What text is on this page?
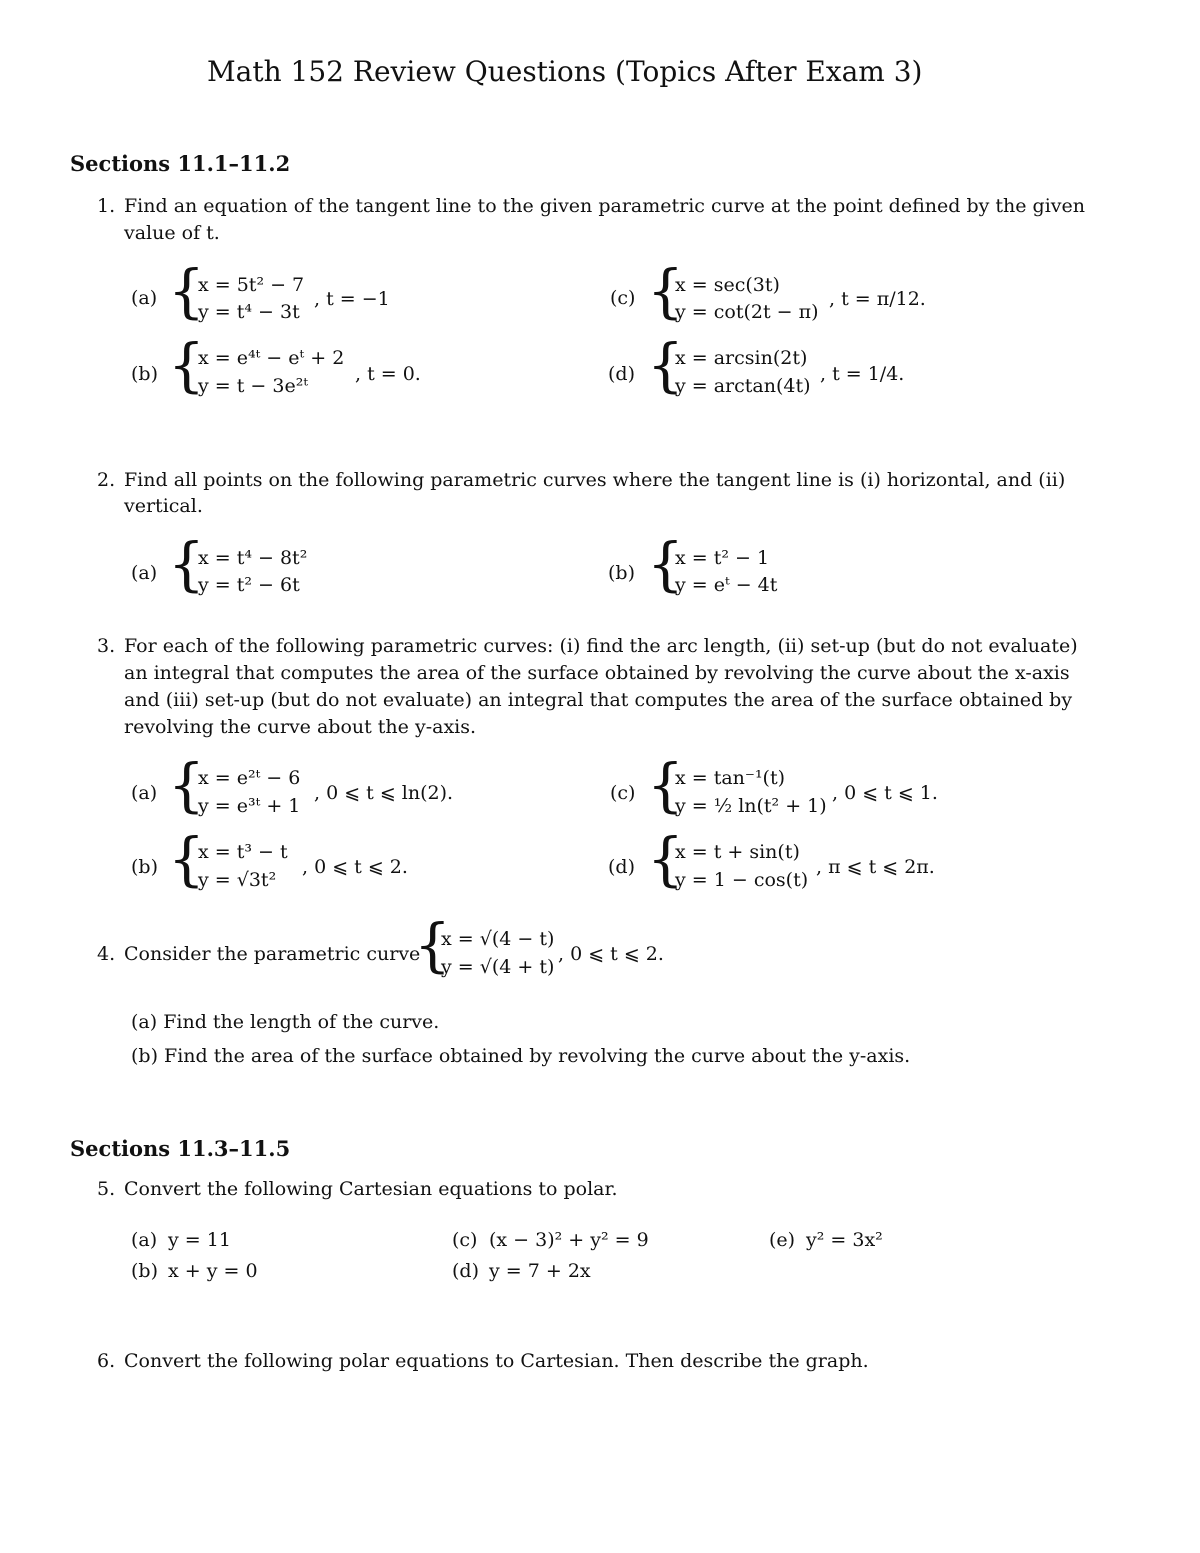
Math 152 Review Questions (Topics After Exam 3)
Sections 11.1–11.2
1. Find an equation of the tangent line to the given parametric curve at the point defined by the given
value of t.
(a) {
x = 5t² − 7
y = t⁴ − 3t
, t = −1
(b) {
x = e⁴ᵗ − eᵗ + 2
y = t − 3e²ᵗ
, t = 0.
(c) {
x = sec(3t)
y = cot(2t − π)
, t = π/12.
(d) {
x = arcsin(2t)
y = arctan(4t)
, t = 1/4.
2. Find all points on the following parametric curves where the tangent line is (i) horizontal, and (ii)
vertical.
(a) {
x = t⁴ − 8t²
y = t² − 6t
(b) {
x = t² − 1
y = eᵗ − 4t
3. For each of the following parametric curves: (i) find the arc length, (ii) set-up (but do not evaluate)
an integral that computes the area of the surface obtained by revolving the curve about the x-axis
and (iii) set-up (but do not evaluate) an integral that computes the area of the surface obtained by
revolving the curve about the y-axis.
(a) {
x = e²ᵗ − 6
y = e³ᵗ + 1
, 0 ⩽ t ⩽ ln(2).
(b) {
x = t³ − t
y = √3t²
, 0 ⩽ t ⩽ 2.
(c) {
x = tan⁻¹(t)
y = ½ ln(t² + 1)
, 0 ⩽ t ⩽ 1.
(d) {
x = t + sin(t)
y = 1 − cos(t)
, π ⩽ t ⩽ 2π.
4. Consider the parametric curve
{
x = √(4 − t)
y = √(4 + t)
, 0 ⩽ t ⩽ 2.
(a) Find the length of the curve.
(b) Find the area of the surface obtained by revolving the curve about the y-axis.
Sections 11.3–11.5
5. Convert the following Cartesian equations to polar.
(a) y = 11
(b) x + y = 0
(c) (x − 3)² + y² = 9
(d) y = 7 + 2x
(e) y² = 3x²
6. Convert the following polar equations to Cartesian. Then describe the graph.
